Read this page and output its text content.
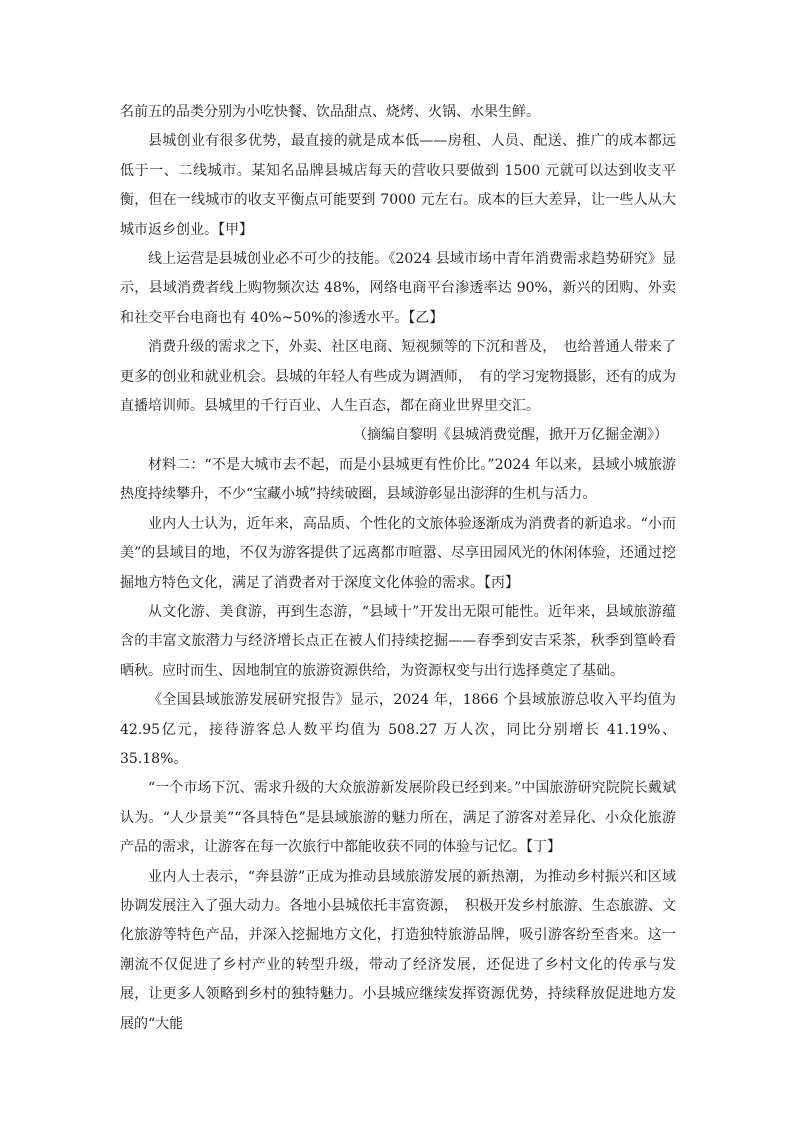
名前五的品类分别为小吃快餐、饮品甜点、烧烤、火锅、水果生鲜。

县城创业有很多优势，最直接的就是成本低——房租、人员、配送、推广的成本都远低于一、二线城市。某知名品牌县城店每天的营收只要做到 1500 元就可以达到收支平衡，但在一线城市的收支平衡点可能要到 7000 元左右。成本的巨大差异，让一些人从大城市返乡创业。【甲】

线上运营是县城创业必不可少的技能。《2024 县域市场中青年消费需求趋势研究》显示，县域消费者线上购物频次达 48%，网络电商平台渗透率达 90%，新兴的团购、外卖和社交平台电商也有 40%~50%的渗透水平。【乙】

消费升级的需求之下，外卖、社区电商、短视频等的下沉和普及，　也给普通人带来了更多的创业和就业机会。县城的年轻人有些成为调酒师，　有的学习宠物摄影，还有的成为直播培训师。县城里的千行百业、人生百态，都在商业世界里交汇。

（摘编自黎明《县城消费觉醒，掀开万亿掘金潮》）

材料二：“不是大城市去不起，而是小县城更有性价比。”2024 年以来，县域小城旅游热度持续攀升，不少“宝藏小城”持续破圈，县域游彰显出澎湃的生机与活力。

业内人士认为，近年来，高品质、个性化的文旅体验逐渐成为消费者的新追求。“小而美”的县域目的地，不仅为游客提供了远离都市喧嚣、尽享田园风光的休闲体验，还通过挖掘地方特色文化，满足了消费者对于深度文化体验的需求。【丙】

从文化游、美食游，再到生态游，“县域十”开发出无限可能性。近年来，县域旅游蕴含的丰富文旅潜力与经济增长点正在被人们持续挖掘——春季到安吉采茶，秋季到篁岭看晒秋。应时而生、因地制宜的旅游资源供给，为资源权变与出行选择奠定了基础。

《全国县域旅游发展研究报告》显示，2024 年，1866 个县域旅游总收入平均值为42.95亿元，接待游客总人数平均值为 508.27 万人次，同比分别增长 41.19%、35.18%。

“一个市场下沉、需求升级的大众旅游新发展阶段已经到来。”中国旅游研究院院长戴斌认为。“人少景美”“各具特色”是县域旅游的魅力所在，满足了游客对差异化、小众化旅游产品的需求，让游客在每一次旅行中都能收获不同的体验与记忆。【丁】

业内人士表示，“奔县游”正成为推动县域旅游发展的新热潮，为推动乡村振兴和区域协调发展注入了强大动力。各地小县城依托丰富资源，　积极开发乡村旅游、生态旅游、文化旅游等特色产品，并深入挖掘地方文化，打造独特旅游品牌，吸引游客纷至沓来。这一潮流不仅促进了乡村产业的转型升级，带动了经济发展，还促进了乡村文化的传承与发展，让更多人领略到乡村的独特魅力。小县城应继续发挥资源优势，持续释放促进地方发展的“大能
